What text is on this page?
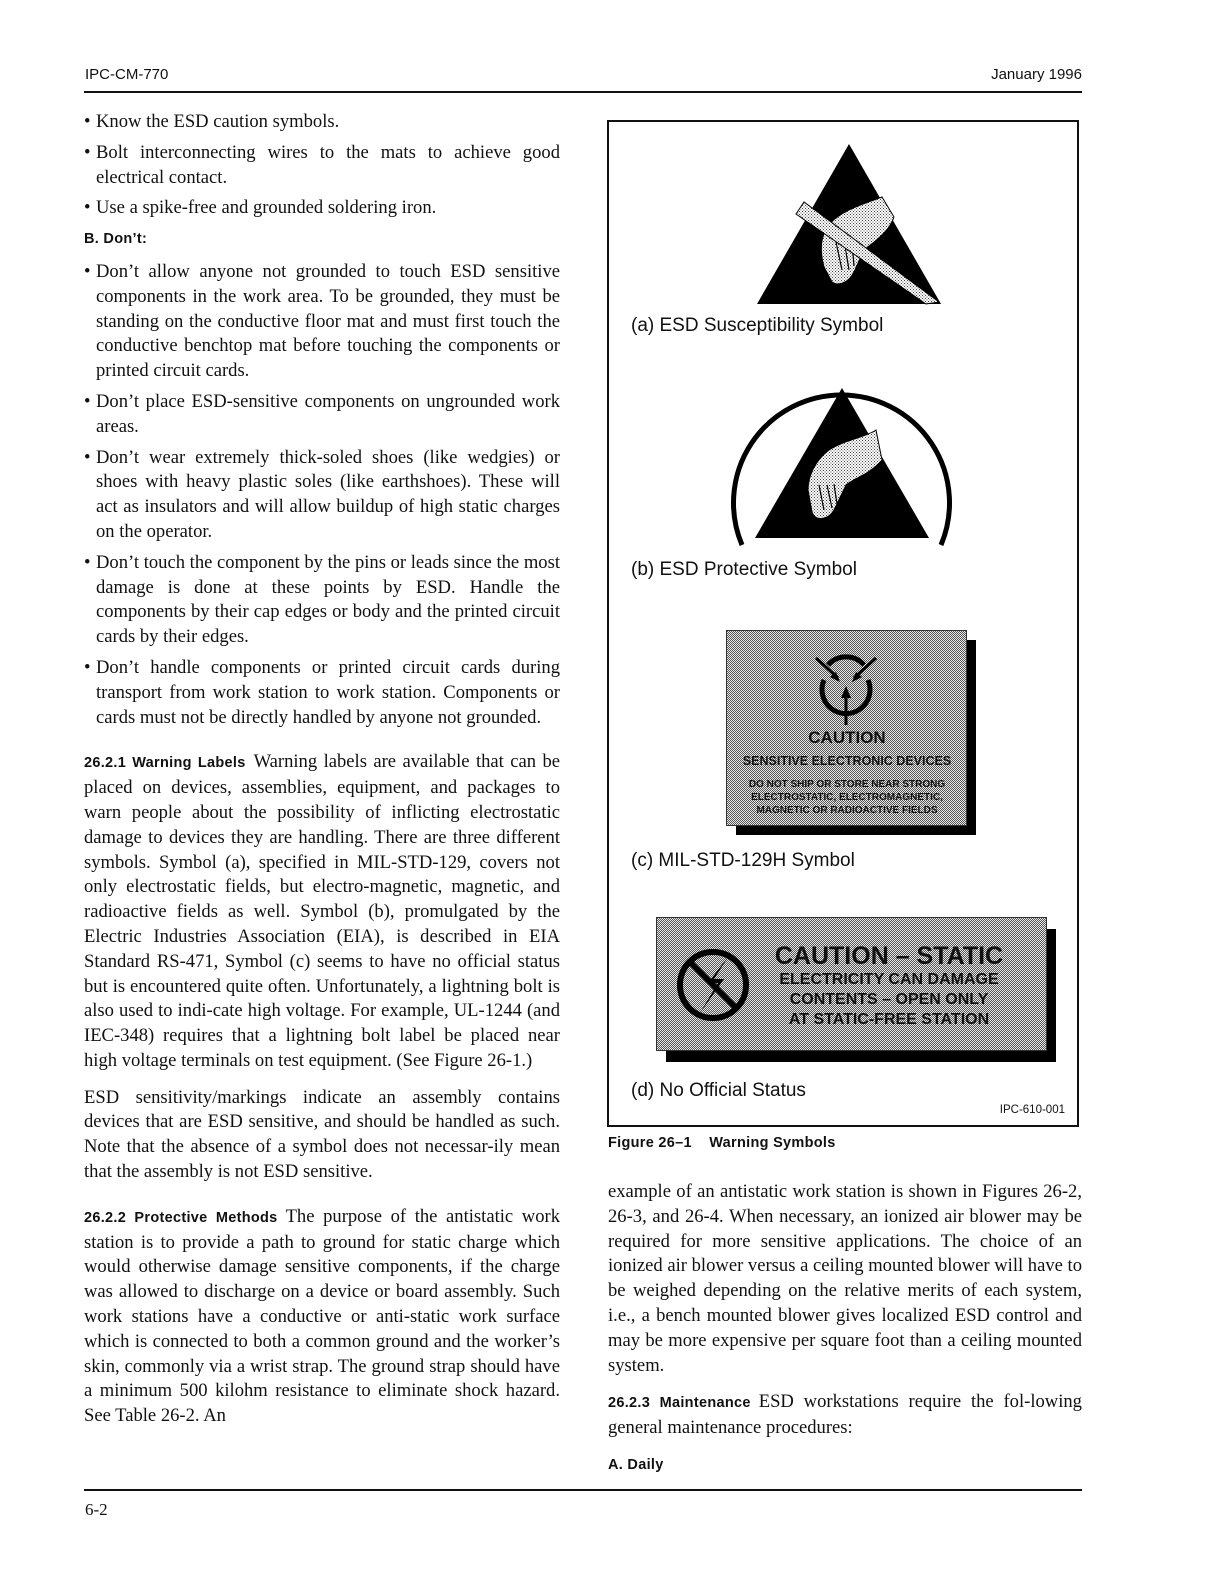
IPC-CM-770	January 1996
• Know the ESD caution symbols.
• Bolt interconnecting wires to the mats to achieve good electrical contact.
• Use a spike-free and grounded soldering iron.
B. Don’t:
• Don’t allow anyone not grounded to touch ESD sensitive components in the work area. To be grounded, they must be standing on the conductive floor mat and must first touch the conductive benchtop mat before touching the components or printed circuit cards.
• Don’t place ESD-sensitive components on ungrounded work areas.
• Don’t wear extremely thick-soled shoes (like wedgies) or shoes with heavy plastic soles (like earthshoes). These will act as insulators and will allow buildup of high static charges on the operator.
• Don’t touch the component by the pins or leads since the most damage is done at these points by ESD. Handle the components by their cap edges or body and the printed circuit cards by their edges.
• Don’t handle components or printed circuit cards during transport from work station to work station. Components or cards must not be directly handled by anyone not grounded.

26.2.1 Warning Labels Warning labels are available that can be placed on devices, assemblies, equipment, and packages to warn people about the possibility of inflicting electrostatic damage to devices they are handling. There are three different symbols. Symbol (a), specified in MIL-STD-129, covers not only electrostatic fields, but electro-magnetic, magnetic, and radioactive fields as well. Symbol (b), promulgated by the Electric Industries Association (EIA), is described in EIA Standard RS-471, Symbol (c) seems to have no official status but is encountered quite often. Unfortunately, a lightning bolt is also used to indi-cate high voltage. For example, UL-1244 (and IEC-348) requires that a lightning bolt label be placed near high voltage terminals on test equipment. (See Figure 26-1.)

ESD sensitivity/markings indicate an assembly contains devices that are ESD sensitive, and should be handled as such. Note that the absence of a symbol does not necessar-ily mean that the assembly is not ESD sensitive.

26.2.2 Protective Methods The purpose of the antistatic work station is to provide a path to ground for static charge which would otherwise damage sensitive components, if the charge was allowed to discharge on a device or board assembly. Such work stations have a conductive or anti-static work surface which is connected to both a common ground and the worker’s skin, commonly via a wrist strap. The ground strap should have a minimum 500 kilohm resistance to eliminate shock hazard. See Table 26-2. An

(a) ESD Susceptibility Symbol
(b) ESD Protective Symbol
CAUTION
SENSITIVE ELECTRONIC DEVICES
DO NOT SHIP OR STORE NEAR STRONG
ELECTROSTATIC, ELECTROMAGNETIC,
MAGNETIC OR RADIOACTIVE FIELDS
(c) MIL-STD-129H Symbol
CAUTION – STATIC
ELECTRICITY CAN DAMAGE
CONTENTS – OPEN ONLY
AT STATIC-FREE STATION
(d) No Official Status
IPC-610-001
Figure 26–1    Warning Symbols

example of an antistatic work station is shown in Figures 26-2, 26-3, and 26-4. When necessary, an ionized air blower may be required for more sensitive applications. The choice of an ionized air blower versus a ceiling mounted blower will have to be weighed depending on the relative merits of each system, i.e., a bench mounted blower gives localized ESD control and may be more expensive per square foot than a ceiling mounted system.

26.2.3 Maintenance ESD workstations require the fol-lowing general maintenance procedures:

A. Daily
6-2
